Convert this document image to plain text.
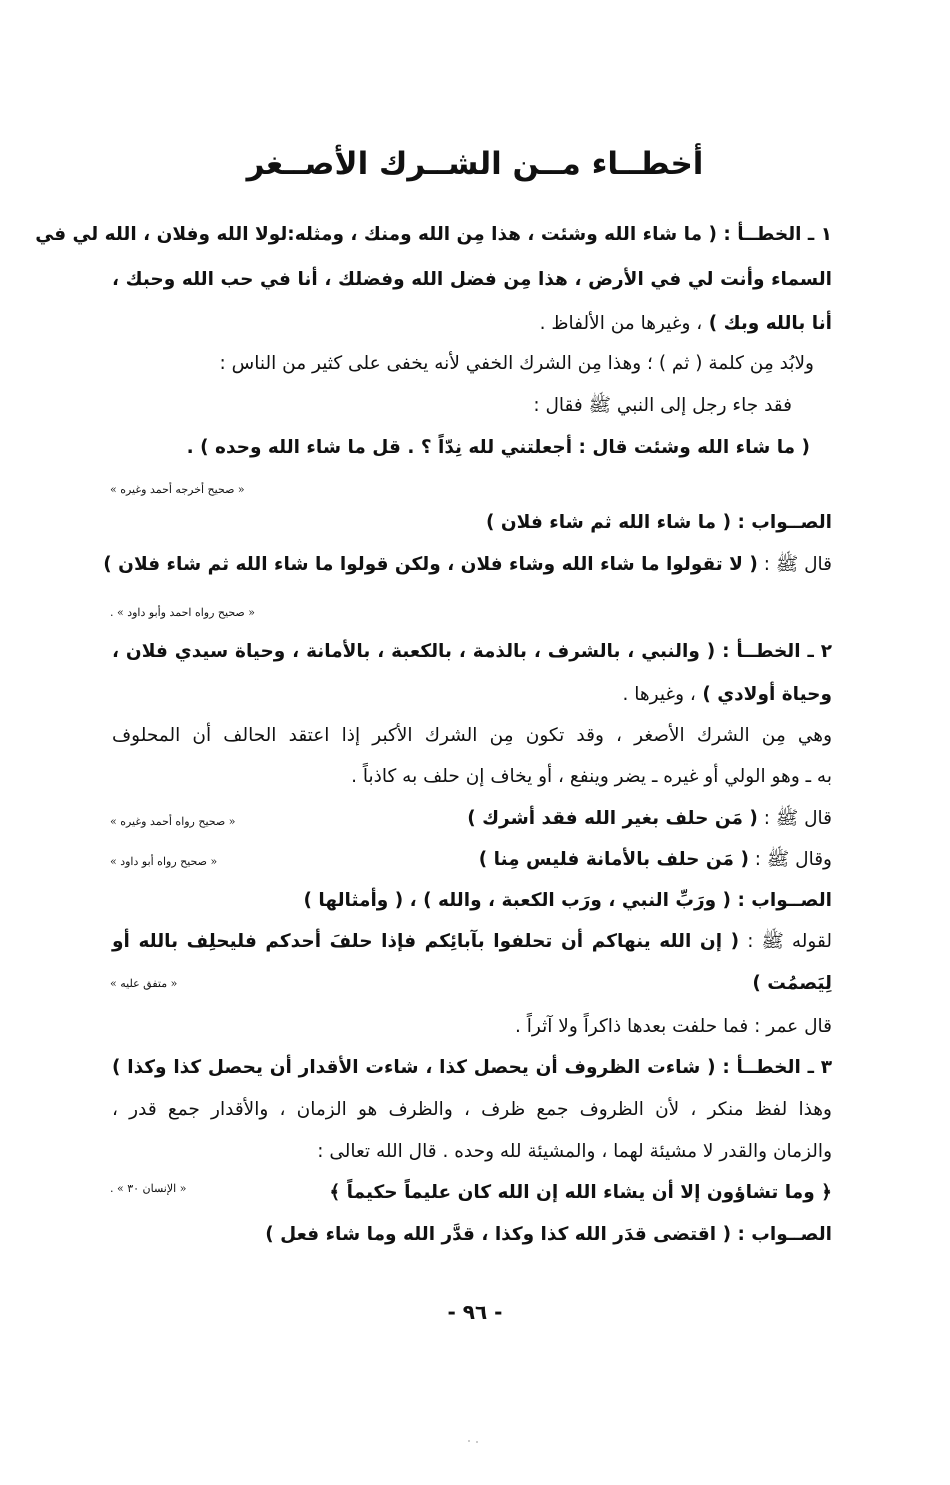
أخطــاء مــن الشــرك الأصــغر
١ ـ الخطــأ : ( ما شاء الله وشئت ، هذا مِن الله ومنك ، ومثله:لولا الله وفلان ، الله لي في
السماء وأنت لي في الأرض ، هذا مِن فضل الله وفضلك ، أنا في حب الله وحبك ،
أنا بالله وبك ) ، وغيرها من الألفاظ .
ولابُد مِن كلمة ( ثم ) ؛ وهذا مِن الشرك الخفي لأنه يخفى على كثير من الناس :
فقد جاء رجل إلى النبي ﷺ فقال :
( ما شاء الله وشئت قال : أجعلتني لله نِدّاً ؟ . قل ما شاء الله وحده ) .
الصــواب : ( ما شاء الله ثم شاء فلان )
قال ﷺ : ( لا تقولوا ما شاء الله وشاء فلان ، ولكن قولوا ما شاء الله ثم شاء فلان )
٢ ـ الخطــأ : ( والنبي ، بالشرف ، بالذمة ، بالكعبة ، بالأمانة ، وحياة سيدي فلان ،
وحياة أولادي ) ، وغيرها .
وهي مِن الشرك الأصغر ، وقد تكون مِن الشرك الأكبر إذا اعتقد الحالف أن المحلوف
به ـ وهو الولي أو غيره ـ يضر وينفع ، أو يخاف إن حلف به كاذباً .
قال ﷺ : ( مَن حلف بغير الله فقد أشرك )
وقال ﷺ : ( مَن حلف بالأمانة فليس مِنا )
الصــواب : ( ورَبِّ النبي ، ورَب الكعبة ، والله ) ، ( وأمثالها )
لقوله ﷺ : ( إن الله ينهاكم أن تحلفوا بآبائِكم فإذا حلفَ أحدكم فليحلِف بالله أو
لِيَصمُت )
قال عمر : فما حلفت بعدها ذاكراً ولا آثراً .
٣ ـ الخطــأ : ( شاءت الظروف أن يحصل كذا ، شاءت الأقدار أن يحصل كذا وكذا )
وهذا لفظ منكر ، لأن الظروف جمع ظرف ، والظرف هو الزمان ، والأقدار جمع قدر ،
والزمان والقدر لا مشيئة لهما ، والمشيئة لله وحده . قال الله تعالى :
﴿ وما تشاؤون إلا أن يشاء الله إن الله كان عليماً حكيماً ﴾
الصــواب : ( اقتضى قدَر الله كذا وكذا ، قدَّر الله وما شاء فعل )
« صحيح أخرجه أحمد وغيره »
« صحيح رواه احمد وأبو داود » .
« صحيح رواه أحمد وغيره »
« صحيح رواه أبو داود »
« متفق عليه »
« الإنسان ٣٠ » .
- ٩٦ -
